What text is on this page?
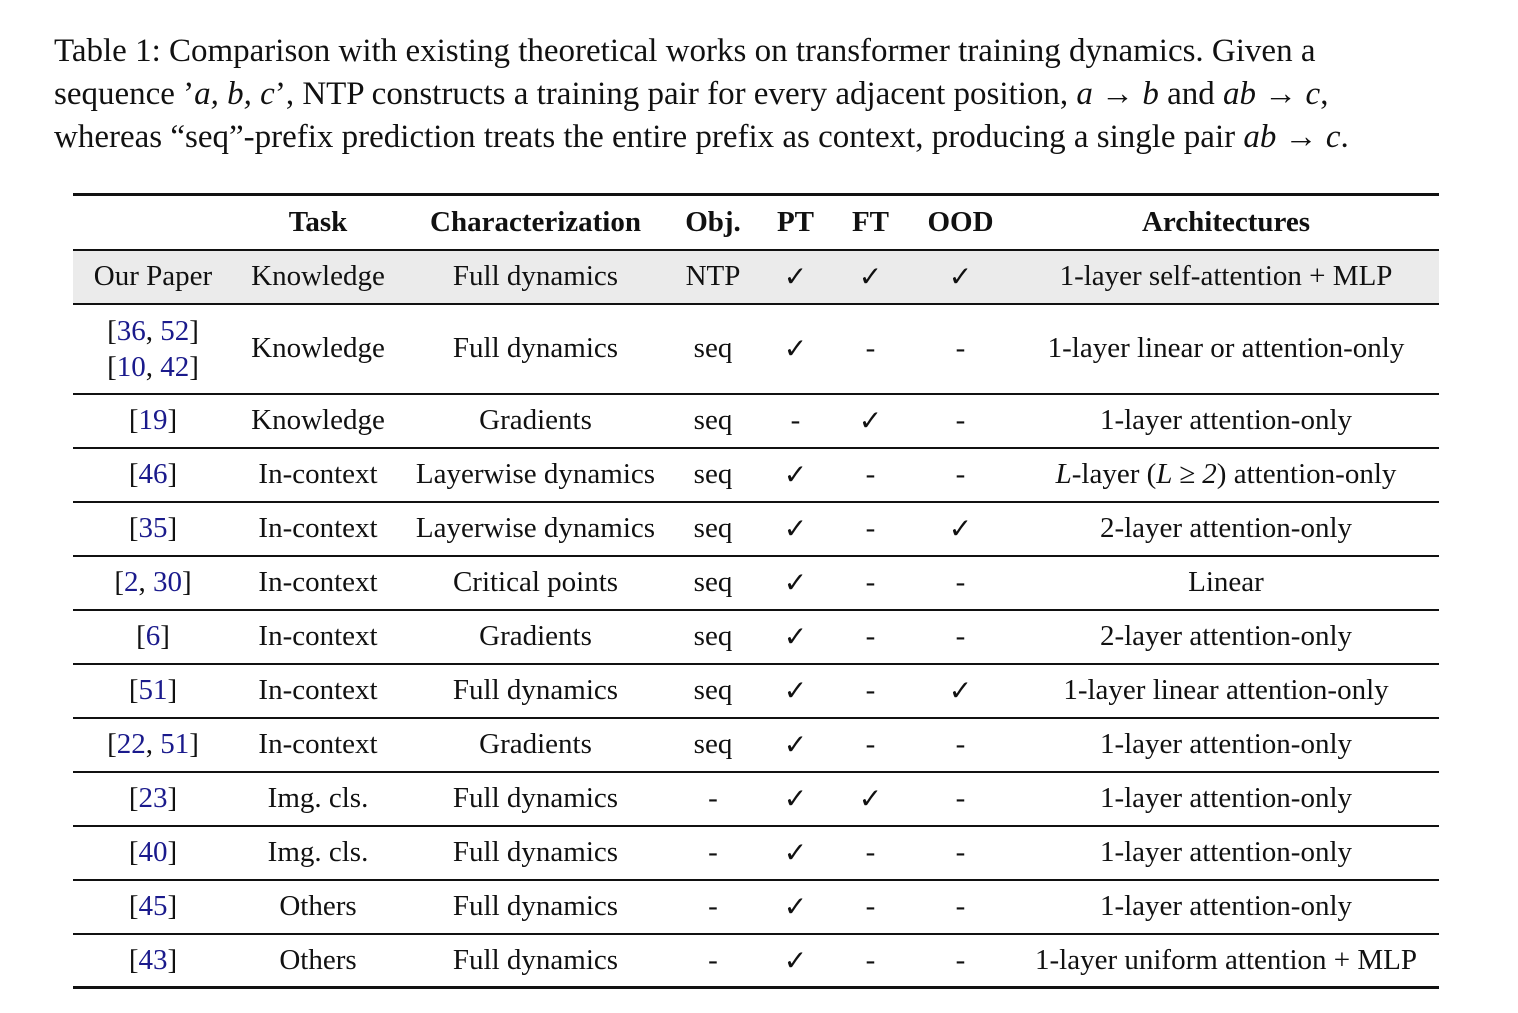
Table 1: Comparison with existing theoretical works on transformer training dynamics. Given a
sequence ’a, b, c’, NTP constructs a training pair for every adjacent position, a → b and ab → c,
whereas “seq”-prefix prediction treats the entire prefix as context, producing a single pair ab → c.
	Task	Characterization	Obj.	PT	FT	OOD	Architectures
Our Paper	Knowledge	Full dynamics	NTP	✓	✓	✓	1-layer self-attention + MLP

[36, 52]
[10, 42]	Knowledge	Full dynamics	seq	✓	-	-	1-layer linear or attention-only
[19]	Knowledge	Gradients	seq	-	✓	-	1-layer attention-only
[46]	In-context	Layerwise dynamics	seq	✓	-	-	L-layer (L ≥ 2) attention-only
[35]	In-context	Layerwise dynamics	seq	✓	-	✓	2-layer attention-only
[2, 30]	In-context	Critical points	seq	✓	-	-	Linear
[6]	In-context	Gradients	seq	✓	-	-	2-layer attention-only
[51]	In-context	Full dynamics	seq	✓	-	✓	1-layer linear attention-only
[22, 51]	In-context	Gradients	seq	✓	-	-	1-layer attention-only
[23]	Img. cls.	Full dynamics	-	✓	✓	-	1-layer attention-only
[40]	Img. cls.	Full dynamics	-	✓	-	-	1-layer attention-only
[45]	Others	Full dynamics	-	✓	-	-	1-layer attention-only
[43]	Others	Full dynamics	-	✓	-	-	1-layer uniform attention + MLP
